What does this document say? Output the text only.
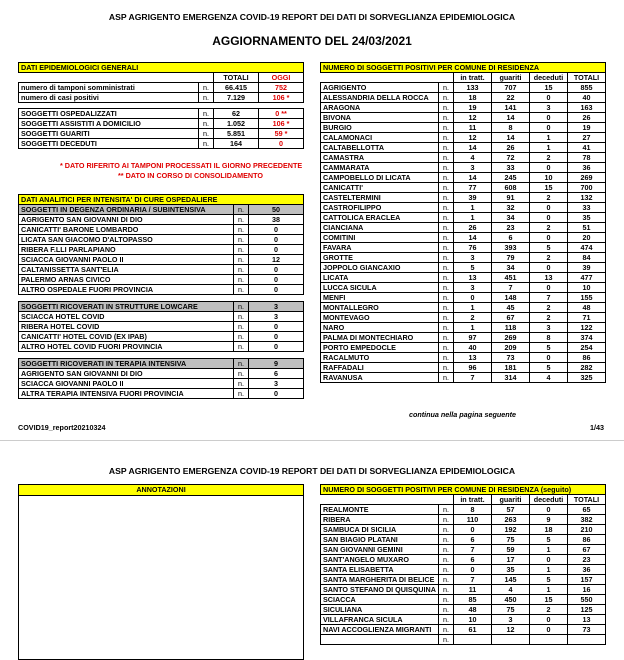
ASP AGRIGENTO EMERGENZA COVID-19 REPORT DEI DATI DI SORVEGLIANZA EPIDEMIOLOGICA
AGGIORNAMENTO DEL 24/03/2021
DATI EPIDEMIOLOGICI GENERALI			
		TOTALI	OGGI
numero di tamponi somministrati	n.	66.415	752
numero di casi positivi	n.	7.129	106 *

SOGGETTI OSPEDALIZZATI	n.	62	0 **
SOGGETTI ASSISTITI A DOMICILIO	n.	1.052	106 *
SOGGETTI GUARITI	n.	5.851	59 *
SOGGETTI DECEDUTI	n.	164	0
* DATO RIFERITO AI TAMPONI PROCESSATI IL GIORNO PRECEDENTE
** DATO IN CORSO DI CONSOLIDAMENTO
DATI ANALITICI PER INTENSITA' DI CURE OSPEDALIERE		
SOGGETTI IN DEGENZA ORDINARIA / SUBINTENSIVA	n.	50
AGRIGENTO SAN GIOVANNI DI DIO	n.	38
CANICATTI' BARONE LOMBARDO	n.	0
LICATA SAN GIACOMO D'ALTOPASSO	n.	0
RIBERA F.LLI PARLAPIANO	n.	0
SCIACCA GIOVANNI PAOLO II	n.	12
CALTANISSETTA SANT'ELIA	n.	0
PALERMO ARNAS CIVICO	n.	0
ALTRO OSPEDALE FUORI PROVINCIA	n.	0

SOGGETTI RICOVERATI IN STRUTTURE LOWCARE	n.	3
SCIACCA HOTEL COVID	n.	3
RIBERA HOTEL COVID	n.	0
CANICATTI' HOTEL COVID (EX IPAB)	n.	0
ALTRO HOTEL COVID FUORI PROVINCIA	n.	0

SOGGETTI RICOVERATI IN TERAPIA INTENSIVA	n.	9
AGRIGENTO SAN GIOVANNI DI DIO	n.	6
SCIACCA GIOVANNI PAOLO II	n.	3
ALTRA TERAPIA INTENSIVA FUORI PROVINCIA	n.	0
NUMERO DI SOGGETTI POSITIVI PER COMUNE DI RESIDENZA					
		in tratt.	guariti	deceduti	TOTALI
AGRIGENTO	n.	133	707	15	855
ALESSANDRIA DELLA ROCCA	n.	18	22	0	40
ARAGONA	n.	19	141	3	163
BIVONA	n.	12	14	0	26
BURGIO	n.	11	8	0	19
CALAMONACI	n.	12	14	1	27
CALTABELLOTTA	n.	14	26	1	41
CAMASTRA	n.	4	72	2	78
CAMMARATA	n.	3	33	0	36
CAMPOBELLO DI LICATA	n.	14	245	10	269
CANICATTI'	n.	77	608	15	700
CASTELTERMINI	n.	39	91	2	132
CASTROFILIPPO	n.	1	32	0	33
CATTOLICA ERACLEA	n.	1	34	0	35
CIANCIANA	n.	26	23	2	51
COMITINI	n.	14	6	0	20
FAVARA	n.	76	393	5	474
GROTTE	n.	3	79	2	84
JOPPOLO GIANCAXIO	n.	5	34	0	39
LICATA	n.	13	451	13	477
LUCCA SICULA	n.	3	7	0	10
MENFI	n.	0	148	7	155
MONTALLEGRO	n.	1	45	2	48
MONTEVAGO	n.	2	67	2	71
NARO	n.	1	118	3	122
PALMA DI MONTECHIARO	n.	97	269	8	374
PORTO EMPEDOCLE	n.	40	209	5	254
RACALMUTO	n.	13	73	0	86
RAFFADALI	n.	96	181	5	282
RAVANUSA	n.	7	314	4	325
continua nella pagina seguente
COVID19_report20210324	1/43
ASP AGRIGENTO EMERGENZA COVID-19 REPORT DEI DATI DI SORVEGLIANZA EPIDEMIOLOGICA
ANNOTAZIONI	NUMERO DI SOGGETTI POSITIVI PER COMUNE DI RESIDENZA (seguito)					
		in tratt.	guariti	deceduti	TOTALI
REALMONTE	n.	8	57	0	65
RIBERA	n.	110	263	9	382
SAMBUCA DI SICILIA	n.	0	192	18	210
SAN BIAGIO PLATANI	n.	6	75	5	86
SAN GIOVANNI GEMINI	n.	7	59	1	67
SANT'ANGELO MUXARO	n.	6	17	0	23
SANTA ELISABETTA	n.	0	35	1	36
SANTA MARGHERITA DI BELICE	n.	7	145	5	157
SANTO STEFANO DI QUISQUINA	n.	11	4	1	16
SCIACCA	n.	85	450	15	550
SICULIANA	n.	48	75	2	125
VILLAFRANCA SICULA	n.	10	3	0	13
NAVI ACCOGLIENZA MIGRANTI	n.	61	12	0	73
	n.				
